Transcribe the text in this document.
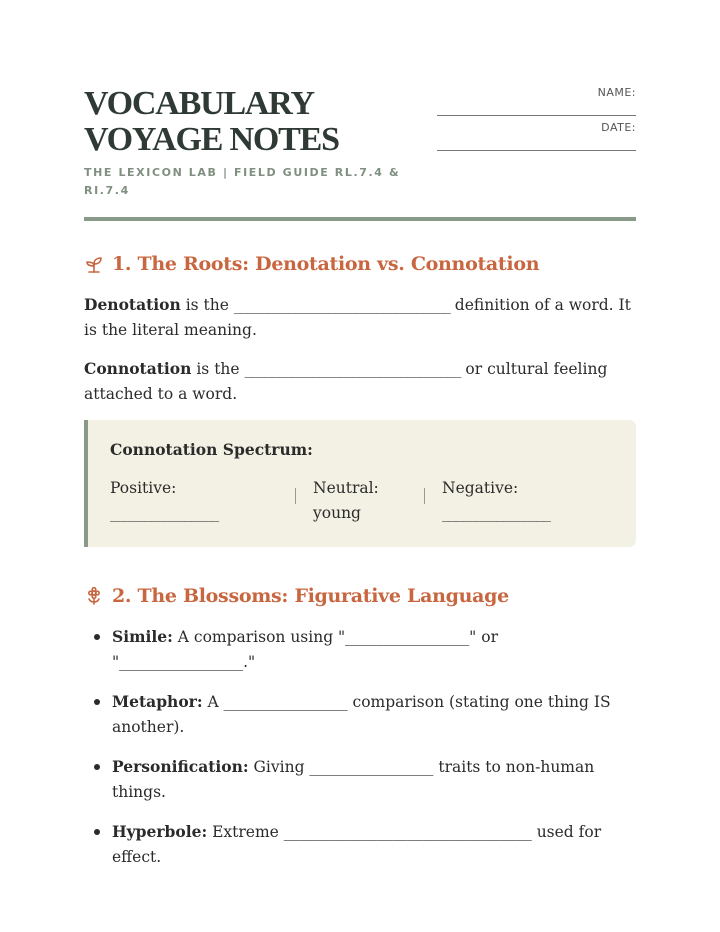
VOCABULARY VOYAGE NOTES
THE LEXICON LAB | FIELD GUIDE RL.7.4 & RI.7.4
NAME:
DATE:
1. The Roots: Denotation vs. Connotation
Denotation is the ________________________________ definition of a word. It is the literal meaning.
Connotation is the ________________________________ or cultural feeling attached to a word.
Connotation Spectrum:
Positive:
________________
Neutral:
young
Negative:
________________
2. The Blossoms: Figurative Language
Simile: A comparison using "________________" or "________________."
Metaphor: A ________________ comparison (stating one thing IS another).
Personification: Giving ________________ traits to non-human things.
Hyperbole: Extreme ________________________________ used for effect.
